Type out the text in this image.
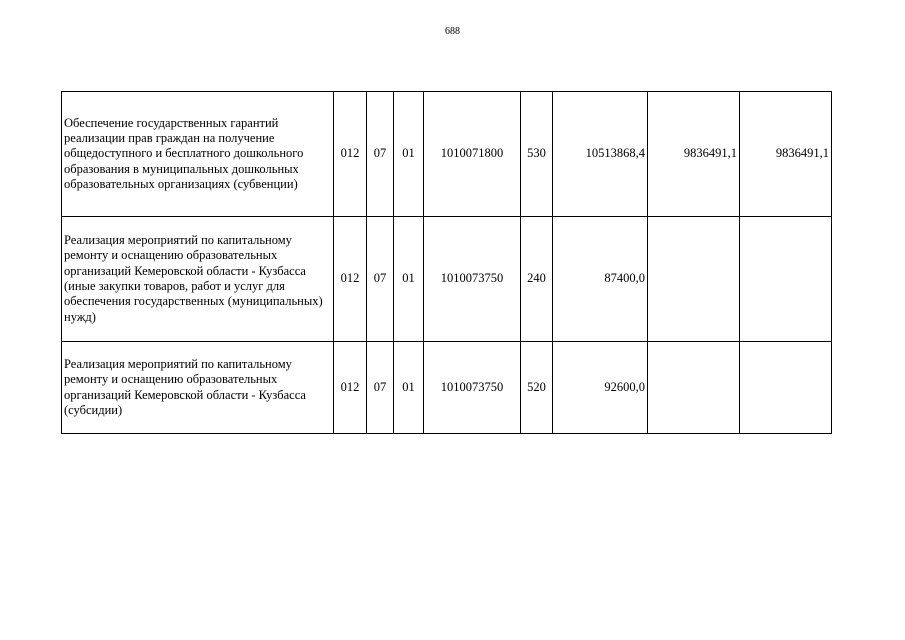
688
Обеспечение государственных гарантий реализации прав граждан на получение общедоступного и бесплатного дошкольного образования в муниципальных дошкольных образовательных организациях (субвенции)	012	07	01	1010071800	530	10513868,4	9836491,1	9836491,1
Реализация мероприятий по капитальному ремонту и оснащению образовательных организаций Кемеровской области - Кузбасса (иные закупки товаров, работ и услуг для обеспечения государственных (муниципальных) нужд)	012	07	01	1010073750	240	87400,0		
Реализация мероприятий по капитальному ремонту и оснащению образовательных организаций Кемеровской области - Кузбасса (субсидии)	012	07	01	1010073750	520	92600,0		
